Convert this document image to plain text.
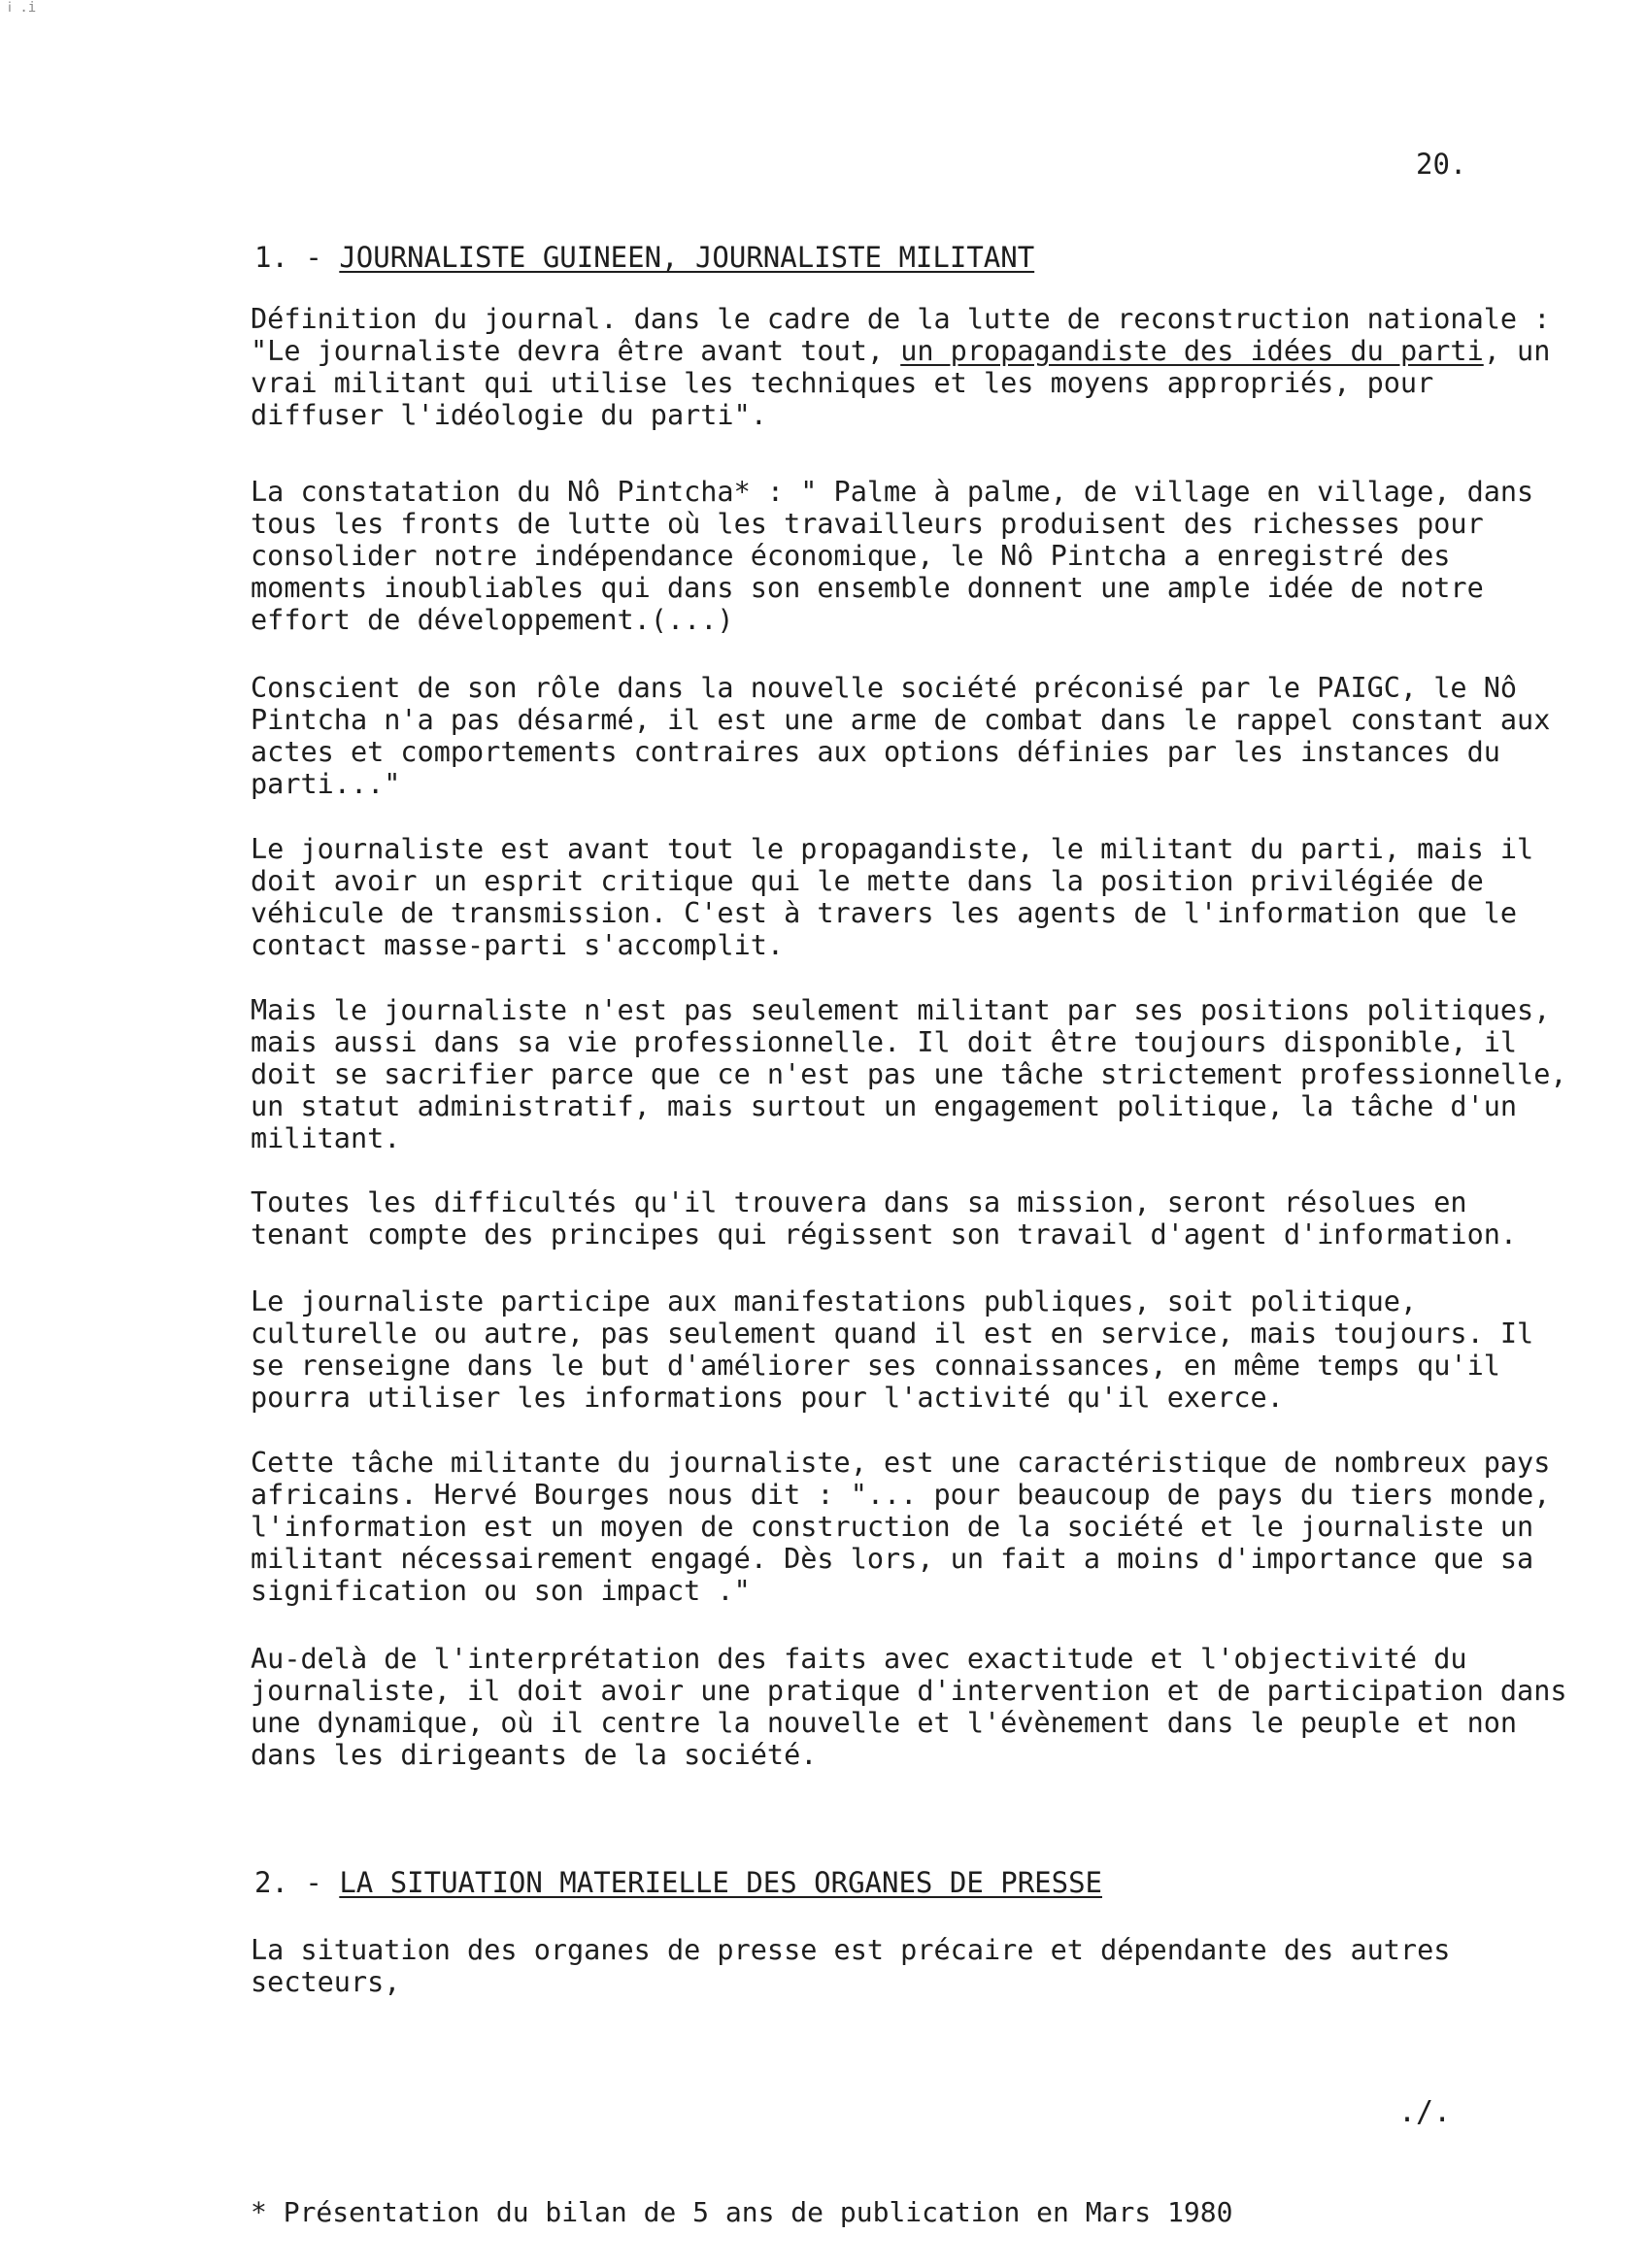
ⅰ .i
20.
1. - JOURNALISTE GUINEEN, JOURNALISTE MILITANT

Définition du journal. dans le cadre de la lutte de reconstruction nationale : "Le journaliste devra être avant tout, un propagandiste des idées du parti, un vrai militant qui utilise les techniques et les moyens appropriés, pour diffuser l'idéologie du parti".

La constatation du Nô Pintcha* : " Palme à palme, de village en village, dans tous les fronts de lutte où les travailleurs produisent des richesses pour consolider notre indépendance économique, le Nô Pintcha a enregistré des moments inoubliables qui dans son ensemble donnent une ample idée de notre effort de développement.(...)

Conscient de son rôle dans la nouvelle société préconisé par le PAIGC, le Nô Pintcha n'a pas désarmé, il est une arme de combat dans le rappel constant aux actes et comportements contraires aux options définies par les instances du parti..."

Le journaliste est avant tout le propagandiste, le militant du parti, mais il doit avoir un esprit critique qui le mette dans la position privilégiée de véhicule de transmission. C'est à travers les agents de l'information que le contact masse-parti s'accomplit.

Mais le journaliste n'est pas seulement militant par ses positions politiques, mais aussi dans sa vie professionnelle. Il doit être toujours disponible, il doit se sacrifier parce que ce n'est pas une tâche strictement professionnelle, un statut administratif, mais surtout un engagement politique, la tâche d'un militant.

Toutes les difficultés qu'il trouvera dans sa mission, seront résolues en tenant compte des principes qui régissent son travail d'agent d'information.

Le journaliste participe aux manifestations publiques, soit politique, culturelle ou autre, pas seulement quand il est en service, mais toujours. Il se renseigne dans le but d'améliorer ses connaissances, en même temps qu'il pourra utiliser les informations pour l'activité qu'il exerce.

Cette tâche militante du journaliste, est une caractéristique de nombreux pays africains. Hervé Bourges nous dit : "... pour beaucoup de pays du tiers monde, l'information est un moyen de construction de la société et le journaliste un militant nécessairement engagé. Dès lors, un fait a moins d'importance que sa signification ou son impact ."

Au-delà de l'interprétation des faits avec exactitude et l'objectivité du journaliste, il doit avoir une pratique d'intervention et de participation dans une dynamique, où il centre la nouvelle et l'évènement dans le peuple et non dans les dirigeants de la société.

2. - LA SITUATION MATERIELLE DES ORGANES DE PRESSE

La situation des organes de presse est précaire et dépendante des autres secteurs,

./.
* Présentation du bilan de 5 ans de publication en Mars 1980
